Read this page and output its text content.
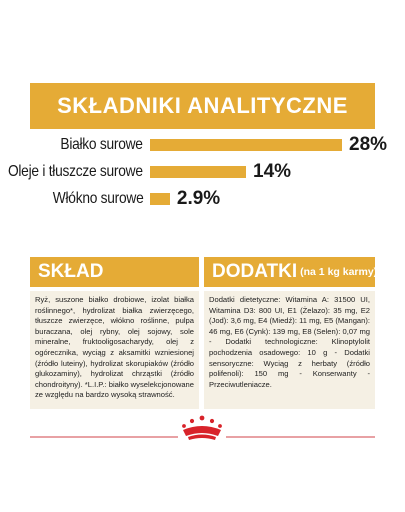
SKŁADNIKI ANALITYCZNE
Białko surowe	28%
Oleje i tłuszcze surowe	14%
Włókno surowe 2.9%
SKŁAD
Ryż, suszone białko drobiowe, izolat białka roślinnego*, hydrolizat białka zwierzęcego, tłuszcze zwierzęce, włókno roślinne, pulpa buraczana, olej rybny, olej sojowy, sole mineralne, fruktooligosacharydy, olej z ogórecznika, wyciąg z aksamitki wzniesionej (źródło luteiny), hydrolizat skorupiaków (źródło glukozaminy), hydrolizat chrząstki (źródło chondroityny). *L.I.P.: białko wyselekcjonowane ze względu na bardzo wysoką strawność.
DODATKI (na 1 kg karmy)
Dodatki dietetyczne: Witamina A: 31500 UI, Witamina D3: 800 UI, E1 (Żelazo): 35 mg, E2 (Jod): 3,6 mg, E4 (Miedź): 11 mg, E5 (Mangan): 46 mg, E6 (Cynk): 139 mg, E8 (Selen): 0,07 mg - Dodatki technologiczne: Klinoptylolit pochodzenia osadowego: 10 g - Dodatki sensoryczne: Wyciąg z herbaty (źródło polifenoli): 150 mg - Konserwanty - Przeciwutleniacze.
